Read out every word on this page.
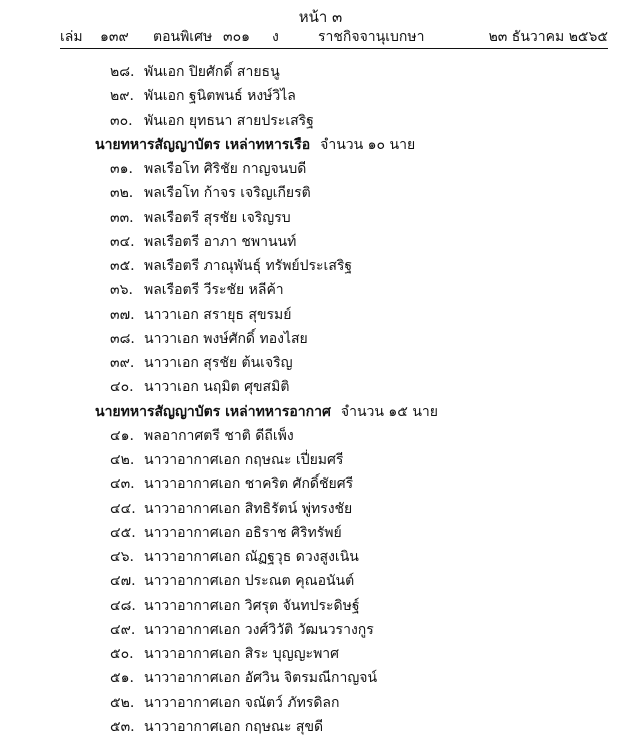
หน้า ๓
เล่ม ๑๓๙ ตอนพิเศษ ๓๐๑ ง	ราชกิจจานุเบกษา	๒๓ ธันวาคม ๒๕๖๕
๒๘. พันเอก ปิยศักดิ์ สายธนู
๒๙. พันเอก ฐนิตพนธ์ หงษ์วิไล
๓๐. พันเอก ยุทธนา สายประเสริฐ
นายทหารสัญญาบัตร เหล่าทหารเรือ จำนวน ๑๐ นาย
๓๑. พลเรือโท ศิริชัย กาญจนบดี
๓๒. พลเรือโท ก้าจร เจริญเกียรติ
๓๓. พลเรือตรี สุรชัย เจริญรบ
๓๔. พลเรือตรี อาภา ชพานนท์
๓๕. พลเรือตรี ภาณุพันธุ์ ทรัพย์ประเสริฐ
๓๖. พลเรือตรี วีระชัย หลีค้า
๓๗. นาวาเอก สรายุธ สุขรมย์
๓๘. นาวาเอก พงษ์ศักดิ์ ทองไสย
๓๙. นาวาเอก สุรชัย ต้นเจริญ
๔๐. นาวาเอก นฤมิต ศุขสมิติ
นายทหารสัญญาบัตร เหล่าทหารอากาศ จำนวน ๑๕ นาย
๔๑. พลอากาศตรี ชาติ ดีถีเพ็ง
๔๒. นาวาอากาศเอก กฤษณะ เปี่ยมศรี
๔๓. นาวาอากาศเอก ชาคริต ศักดิ์ชัยศรี
๔๔. นาวาอากาศเอก สิทธิรัตน์ พู่ทรงชัย
๔๕. นาวาอากาศเอก อธิราช ศิริทรัพย์
๔๖. นาวาอากาศเอก ณัฏฐวุธ ดวงสูงเนิน
๔๗. นาวาอากาศเอก ประณต คุณอนันต์
๔๘. นาวาอากาศเอก วิศรุต จันทประดิษฐ์
๔๙. นาวาอากาศเอก วงศ์วิวัติ วัฒนวรางกูร
๕๐. นาวาอากาศเอก สิระ บุญญะพาศ
๕๑. นาวาอากาศเอก อัศวิน จิตรมณีกาญจน์
๕๒. นาวาอากาศเอก จณัตว์ ภัทรดิลก
๕๓. นาวาอากาศเอก กฤษณะ สุขดี
